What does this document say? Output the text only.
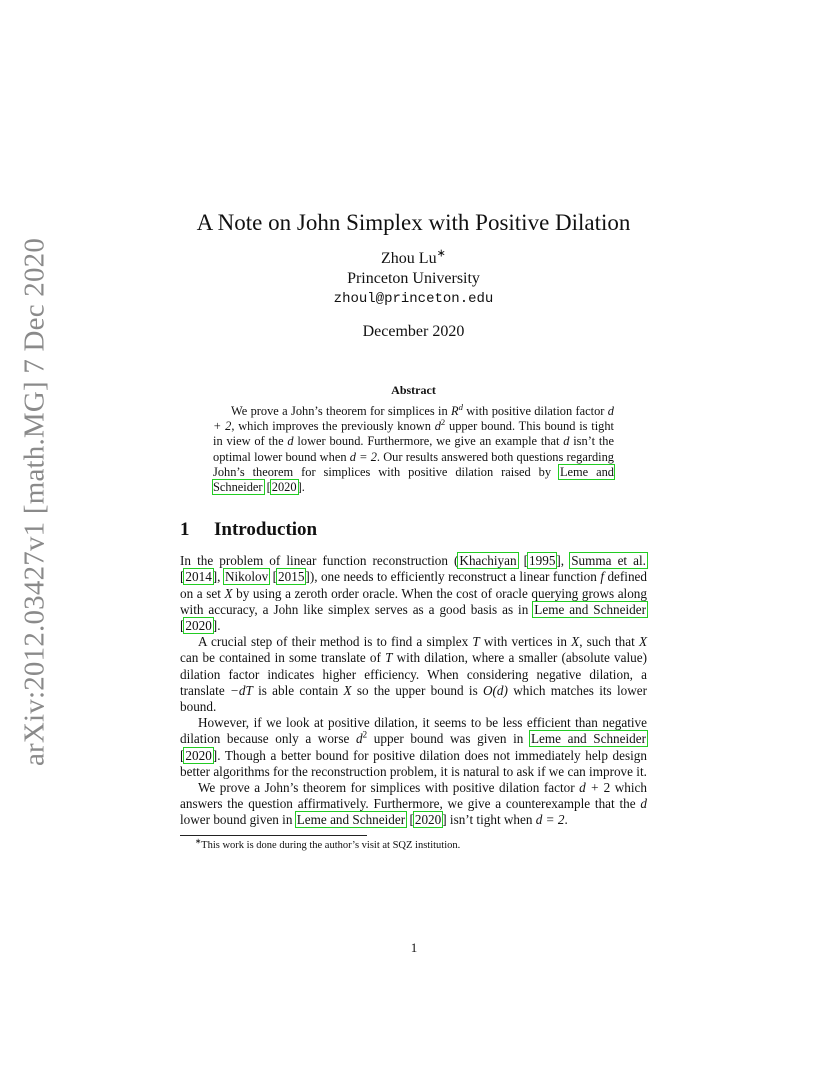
arXiv:2012.03427v1 [math.MG] 7 Dec 2020
A Note on John Simplex with Positive Dilation
Zhou Lu∗
Princeton University
zhoul@princeton.edu
December 2020
Abstract
We prove a John’s theorem for simplices in $R^d$ with positive dilation factor d + 2, which improves the previously known $d^2$ upper bound. This bound is tight in view of the d lower bound. Furthermore, we give an example that d isn’t the optimal lower bound when d = 2. Our results answered both questions regarding John’s theorem for simplices with positive dilation raised by Leme and Schneider [2020].
1 Introduction

In the problem of linear function reconstruction (Khachiyan [1995], Summa et al. [2014], Nikolov [2015]), one needs to efficiently reconstruct a linear function f defined on a set X by using a zeroth order oracle. When the cost of oracle querying grows along with accuracy, a John like simplex serves as a good basis as in Leme and Schneider [2020].

A crucial step of their method is to find a simplex T with vertices in X, such that X can be contained in some translate of T with dilation, where a smaller (absolute value) dilation factor indicates higher efficiency. When considering negative dilation, a translate −dT is able contain X so the upper bound is O(d) which matches its lower bound.

However, if we look at positive dilation, it seems to be less efficient than negative dilation because only a worse $d^2$ upper bound was given in Leme and Schneider [2020]. Though a better bound for positive dilation does not immediately help design better algorithms for the reconstruction problem, it is natural to ask if we can improve it.

We prove a John’s theorem for simplices with positive dilation factor d + 2 which answers the question affirmatively. Furthermore, we give a counterexample that the d lower bound given in Leme and Schneider [2020] isn’t tight when d = 2.

∗This work is done during the author’s visit at SQZ institution.
1
